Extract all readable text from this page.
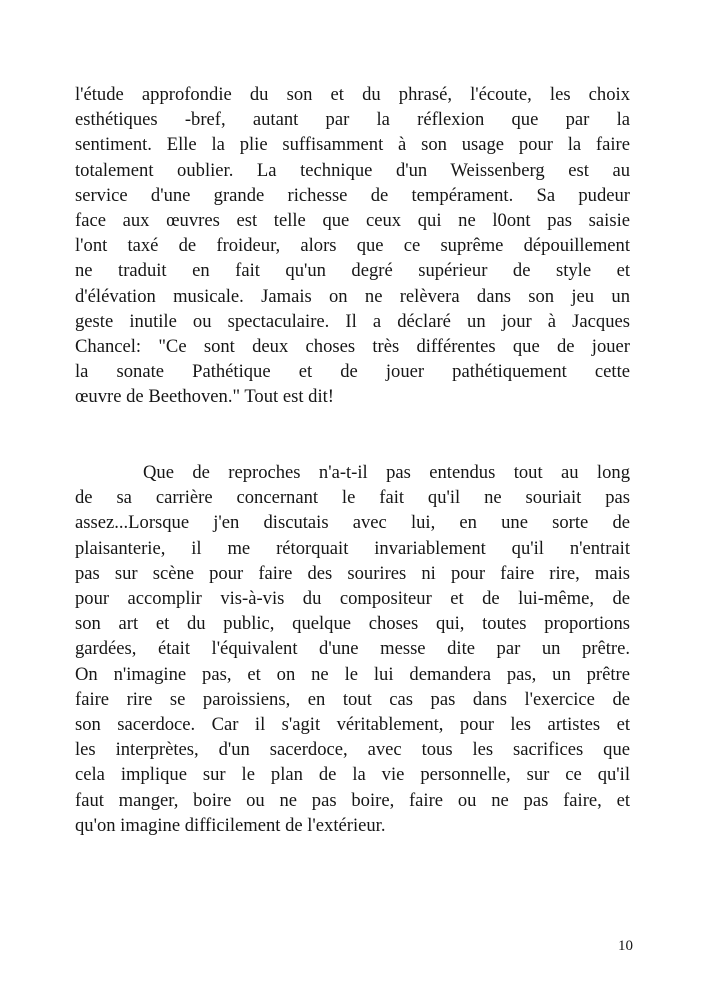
l'étude approfondie du son et du phrasé, l'écoute, les choix
esthétiques -bref, autant par la réflexion que par la
sentiment. Elle la plie suffisamment à son usage pour la faire
totalement oublier. La technique d'un Weissenberg est au
service d'une grande richesse de tempérament. Sa pudeur
face aux œuvres est telle que ceux qui ne l0ont pas saisie
l'ont taxé de froideur, alors que ce suprême dépouillement
ne traduit en fait qu'un degré supérieur de style et
d'élévation musicale. Jamais on ne relèvera dans son jeu un
geste inutile ou spectaculaire. Il a déclaré un jour à Jacques
Chancel: "Ce sont deux choses très différentes que de jouer
la sonate Pathétique et de jouer pathétiquement cette
œuvre de Beethoven." Tout est dit!
Que de reproches n'a-t-il pas entendus tout au long
de sa carrière concernant le fait qu'il ne souriait pas
assez...Lorsque j'en discutais avec lui, en une sorte de
plaisanterie, il me rétorquait invariablement qu'il n'entrait
pas sur scène pour faire des sourires ni pour faire rire, mais
pour accomplir vis-à-vis du compositeur et de lui-même, de
son art et du public, quelque choses qui, toutes proportions
gardées, était l'équivalent d'une messe dite par un prêtre.
On n'imagine pas, et on ne le lui demandera pas, un prêtre
faire rire se paroissiens, en tout cas pas dans l'exercice de
son sacerdoce. Car il s'agit véritablement, pour les artistes et
les interprètes, d'un sacerdoce, avec tous les sacrifices que
cela implique sur le plan de la vie personnelle, sur ce qu'il
faut manger, boire ou ne pas boire, faire ou ne pas faire, et
qu'on imagine difficilement de l'extérieur.
10
